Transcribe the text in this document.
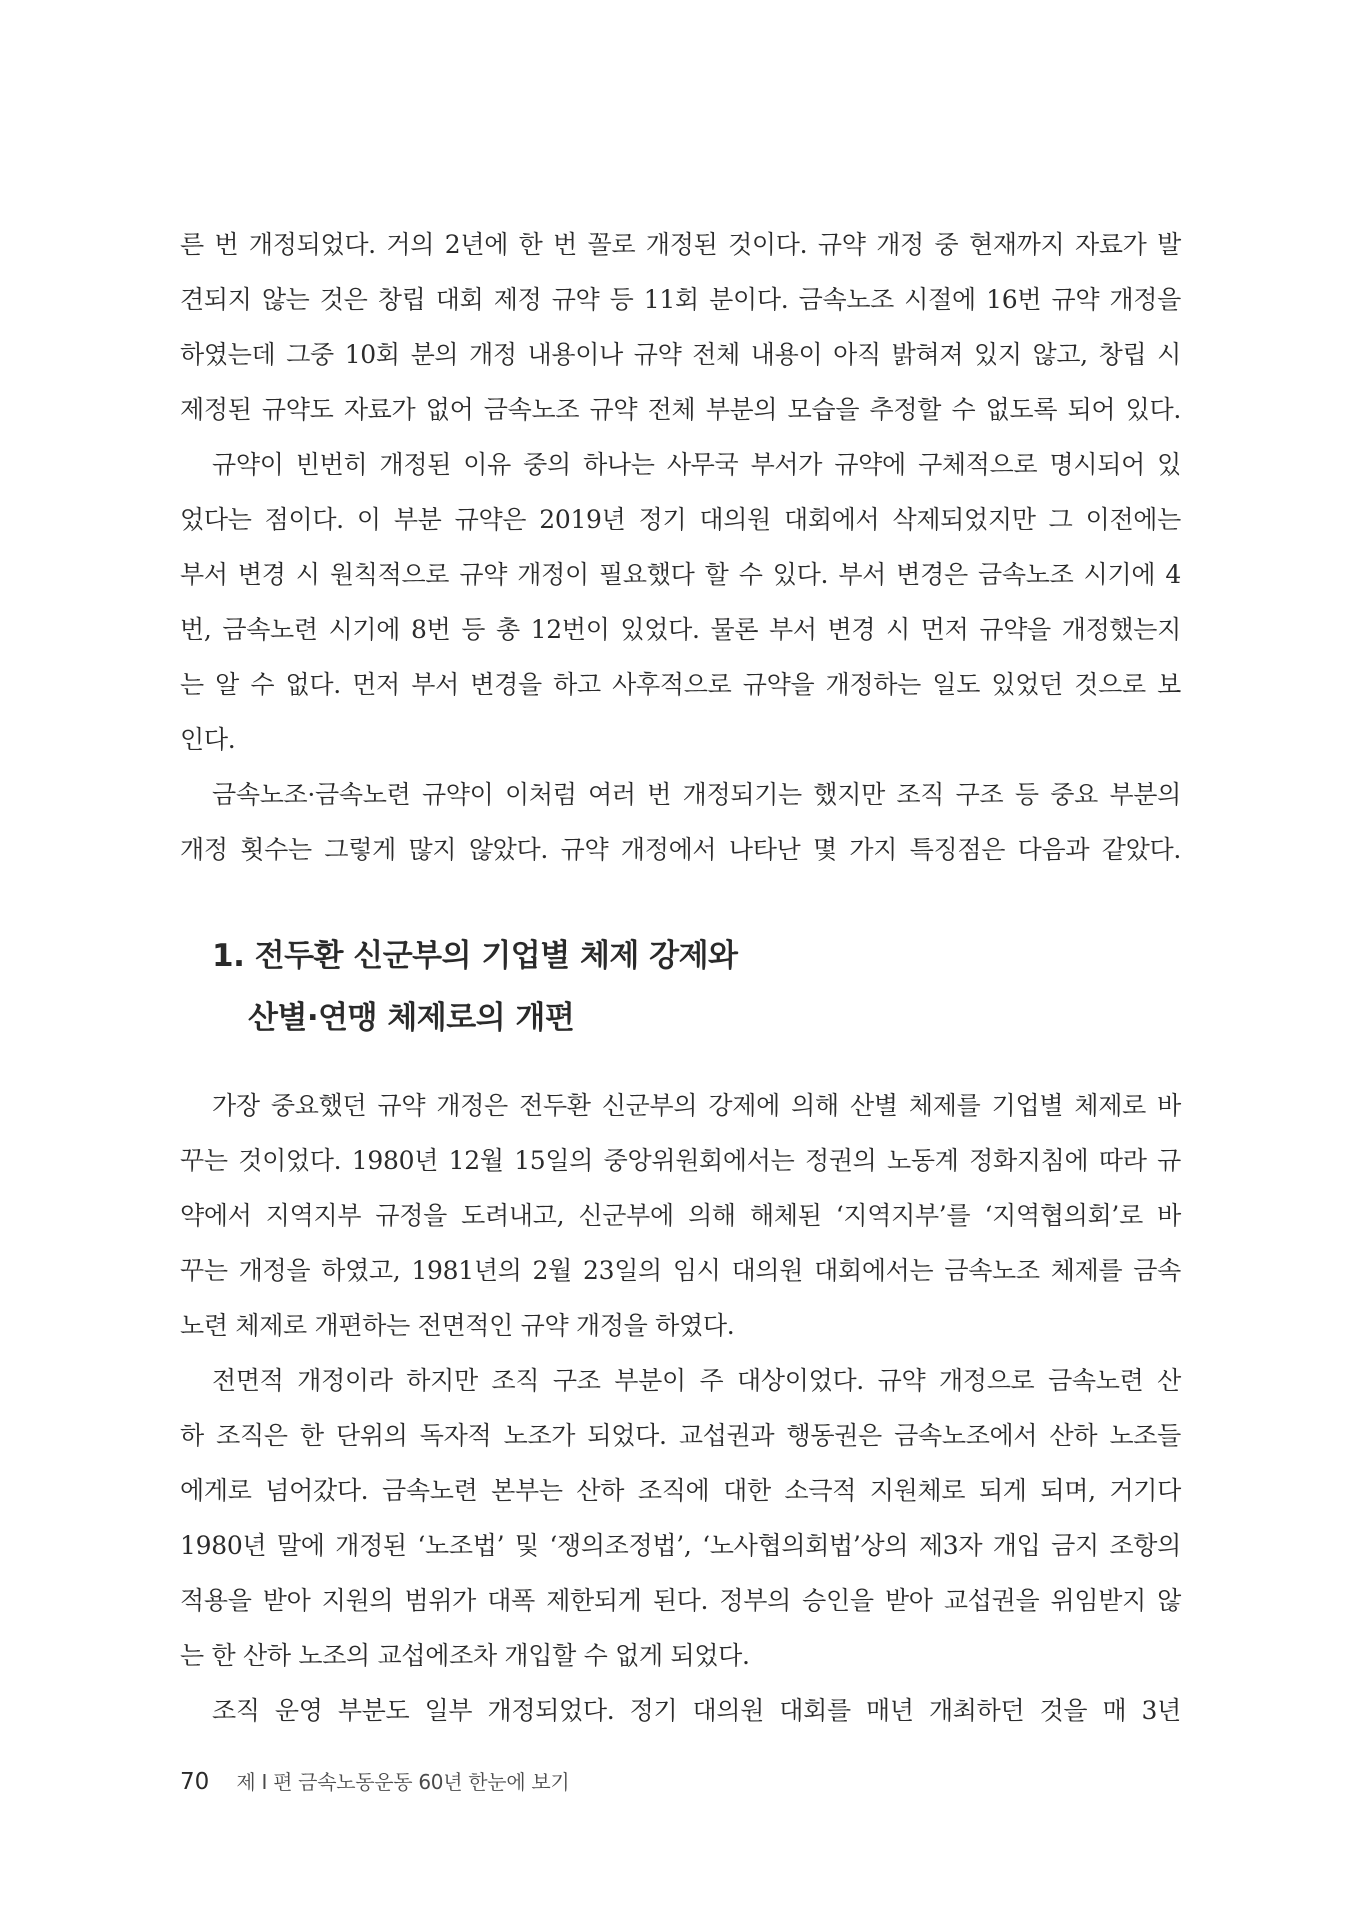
른 번 개정되었다. 거의 2년에 한 번 꼴로 개정된 것이다. 규약 개정 중 현재까지 자료가 발
견되지 않는 것은 창립 대회 제정 규약 등 11회 분이다. 금속노조 시절에 16번 규약 개정을
하였는데 그중 10회 분의 개정 내용이나 규약 전체 내용이 아직 밝혀져 있지 않고, 창립 시
제정된 규약도 자료가 없어 금속노조 규약 전체 부분의 모습을 추정할 수 없도록 되어 있다.
규약이 빈번히 개정된 이유 중의 하나는 사무국 부서가 규약에 구체적으로 명시되어 있
었다는 점이다. 이 부분 규약은 2019년 정기 대의원 대회에서 삭제되었지만 그 이전에는
부서 변경 시 원칙적으로 규약 개정이 필요했다 할 수 있다. 부서 변경은 금속노조 시기에 4
번, 금속노련 시기에 8번 등 총 12번이 있었다. 물론 부서 변경 시 먼저 규약을 개정했는지
는 알 수 없다. 먼저 부서 변경을 하고 사후적으로 규약을 개정하는 일도 있었던 것으로 보
인다.
금속노조·금속노련 규약이 이처럼 여러 번 개정되기는 했지만 조직 구조 등 중요 부분의
개정 횟수는 그렇게 많지 않았다. 규약 개정에서 나타난 몇 가지 특징점은 다음과 같았다.
1. 전두환 신군부의 기업별 체제 강제와
산별·연맹 체제로의 개편
가장 중요했던 규약 개정은 전두환 신군부의 강제에 의해 산별 체제를 기업별 체제로 바
꾸는 것이었다. 1980년 12월 15일의 중앙위원회에서는 정권의 노동계 정화지침에 따라 규
약에서 지역지부 규정을 도려내고, 신군부에 의해 해체된 ‘지역지부’를 ‘지역협의회’로 바
꾸는 개정을 하였고, 1981년의 2월 23일의 임시 대의원 대회에서는 금속노조 체제를 금속
노련 체제로 개편하는 전면적인 규약 개정을 하였다.
전면적 개정이라 하지만 조직 구조 부분이 주 대상이었다. 규약 개정으로 금속노련 산
하 조직은 한 단위의 독자적 노조가 되었다. 교섭권과 행동권은 금속노조에서 산하 노조들
에게로 넘어갔다. 금속노련 본부는 산하 조직에 대한 소극적 지원체로 되게 되며, 거기다
1980년 말에 개정된 ‘노조법’ 및 ‘쟁의조정법’, ‘노사협의회법’상의 제3자 개입 금지 조항의
적용을 받아 지원의 범위가 대폭 제한되게 된다. 정부의 승인을 받아 교섭권을 위임받지 않
는 한 산하 노조의 교섭에조차 개입할 수 없게 되었다.
조직 운영 부분도 일부 개정되었다. 정기 대의원 대회를 매년 개최하던 것을 매 3년
70 제 I 편 금속노동운동 60년 한눈에 보기
